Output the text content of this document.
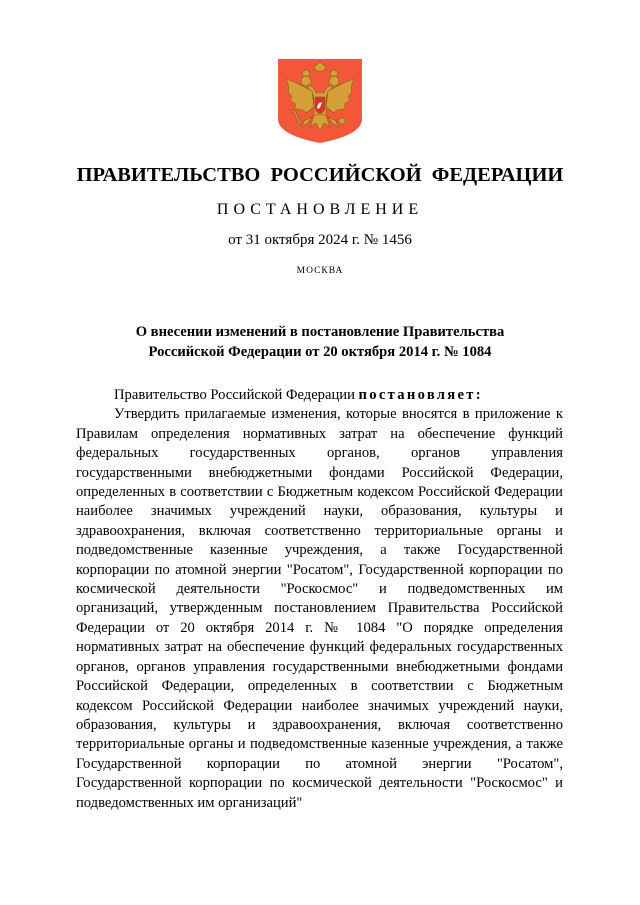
ПРАВИТЕЛЬСТВО РОССИЙСКОЙ ФЕДЕРАЦИИ
ПОСТАНОВЛЕНИЕ
от 31 октября 2024 г. № 1456
МОСКВА
О внесении изменений в постановление Правительства
Российской Федерации от 20 октября 2014 г. № 1084

Правительство Российской Федерации постановляет:

Утвердить прилагаемые изменения, которые вносятся в приложение к Правилам определения нормативных затрат на обеспечение функций федеральных государственных органов, органов управления государственными внебюджетными фондами Российской Федерации, определенных в соответствии с Бюджетным кодексом Российской Федерации наиболее значимых учреждений науки, образования, культуры и здравоохранения, включая соответственно территориальные органы и подведомственные казенные учреждения, а также Государственной корпорации по атомной энергии "Росатом", Государственной корпорации по космической деятельности "Роскосмос" и подведомственных им организаций, утвержденным постановлением Правительства Российской Федерации от 20 октября 2014 г. № 1084 "О порядке определения нормативных затрат на обеспечение функций федеральных государственных органов, органов управления государственными внебюджетными фондами Российской Федерации, определенных в соответствии с Бюджетным кодексом Российской Федерации наиболее значимых учреждений науки, образования, культуры и здравоохранения, включая соответственно территориальные органы и подведомственные казенные учреждения, а также Государственной корпорации по атомной энергии "Росатом", Государственной корпорации по космической деятельности "Роскосмос" и подведомственных им организаций"
